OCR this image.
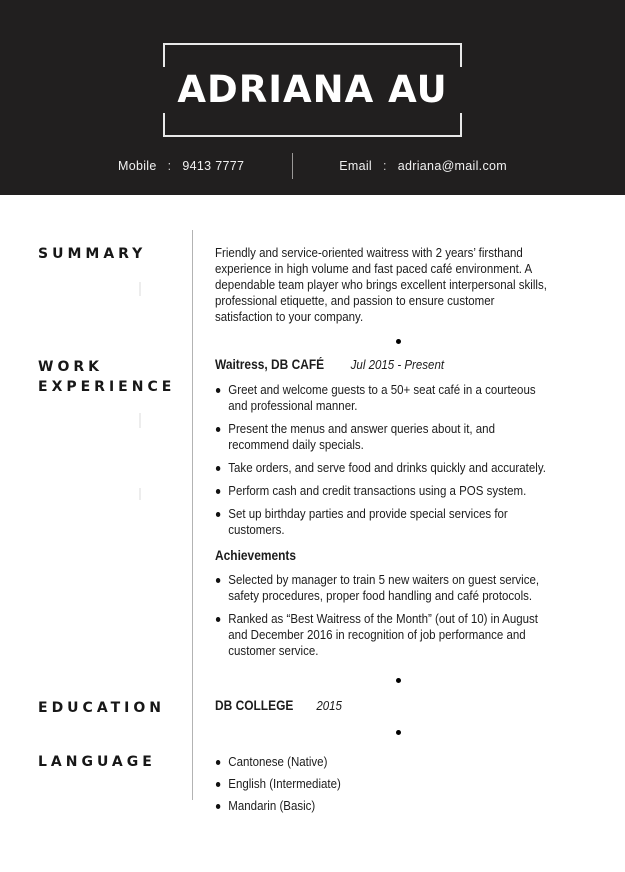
ADRIANA AU
Mobile : 9413 7777	Email : adriana@mail.com
SUMMARY	Friendly and service-oriented waitress with 2 years’ firsthand experience in high volume and fast paced café environment. A dependable team player who brings excellent interpersonal skills, professional etiquette, and passion to ensure customer satisfaction to your company.

WORK
EXPERIENCE
Waitress, DB CAFÉ Jul 2015 - Present
Greet and welcome guests to a 50+ seat café in a courteous and professional manner.
Present the menus and answer queries about it, and recommend daily specials.
Take orders, and serve food and drinks quickly and accurately.
Perform cash and credit transactions using a POS system.
Set up birthday parties and provide special services for customers.
Achievements
Selected by manager to train 5 new waiters on guest service, safety procedures, proper food handling and café protocols.
Ranked as “Best Waitress of the Month” (out of 10) in August and December 2016 in recognition of job performance and customer service.
EDUCATION	DB COLLEGE 2015
LANGUAGE	Cantonese (Native)
English (Intermediate)
Mandarin (Basic)
